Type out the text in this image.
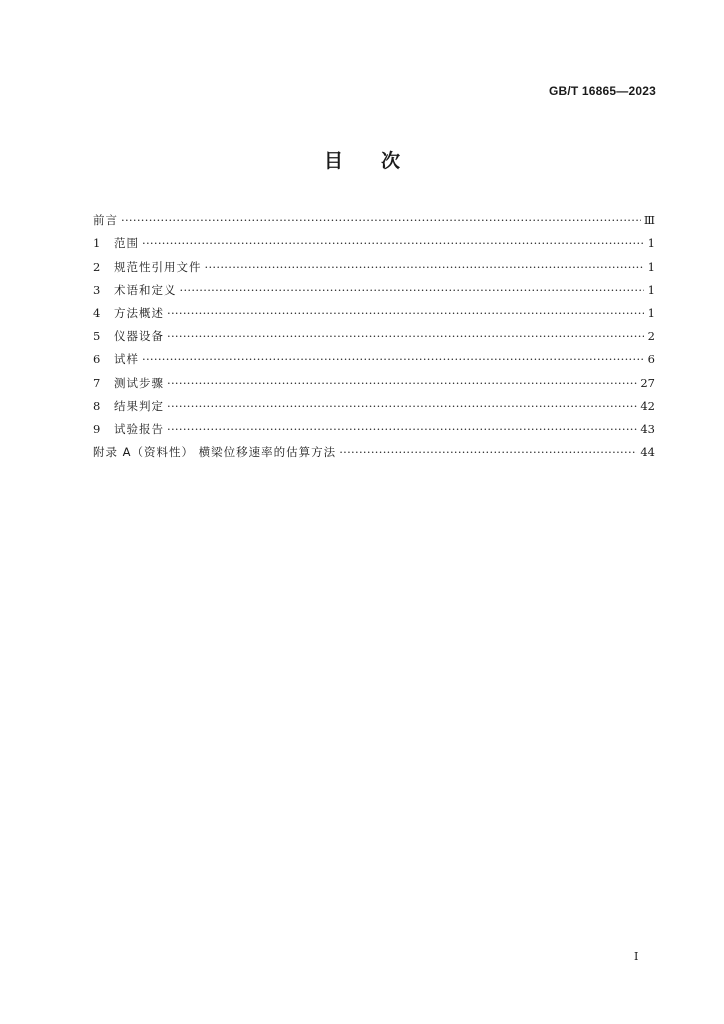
GB/T 16865—2023
目次
前言 ·····	Ⅲ
1	范围 ·····	1
2	规范性引用文件 ·····	1
3	术语和定义 ·····	1
4	方法概述 ·····	1
5	仪器设备 ·····	2
6	试样 ·····	6
7	测试步骤 ·····	27
8	结果判定 ·····	42
9	试验报告 ·····	43
附录 A（资料性） 横梁位移速率的估算方法 ·····	44
I
